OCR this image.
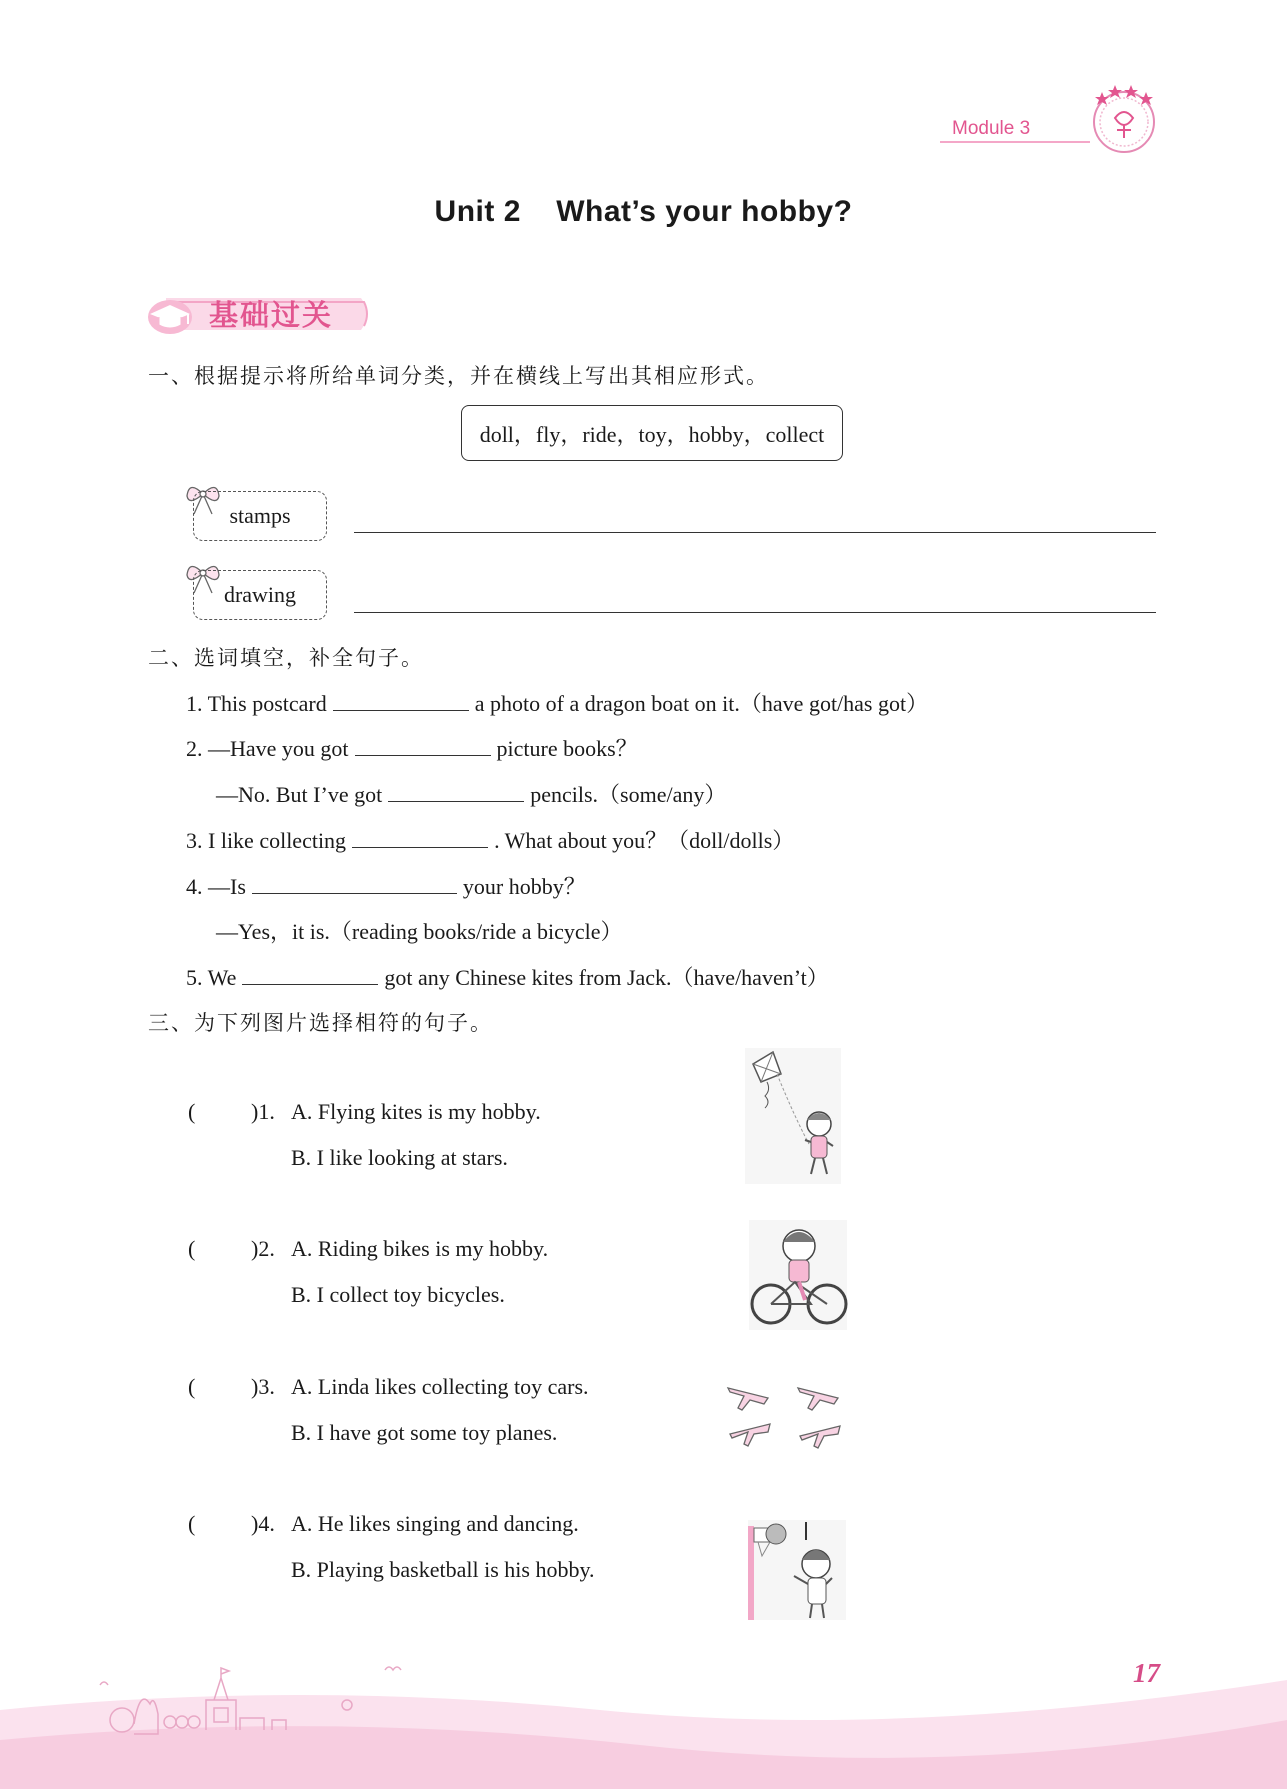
Module 3
Unit 2    What’s your hobby?
基础过关
一、根据提示将所给单词分类，并在横线上写出其相应形式。
doll，fly，ride，toy，hobby，collect
stamps
drawing
二、选词填空，补全句子。
1. This postcard	a photo of a dragon boat on it.（have got/has got）
2. —Have you got	picture books？
—No. But I’ve got	pencils.（some/any）
3. I like collecting	. What about you？（doll/dolls）
4. —Is	your hobby？
—Yes，it is.（reading books/ride a bicycle）
5. We	got any Chinese kites from Jack.（have/haven’t）
三、为下列图片选择相符的句子。
(	)1. A. Flying kites is my hobby.
B. I like looking at stars.
(	)2. A. Riding bikes is my hobby.
B. I collect toy bicycles.
(	)3. A. Linda likes collecting toy cars.
B. I have got some toy planes.
(	)4. A. He likes singing and dancing.
B. Playing basketball is his hobby.
17
